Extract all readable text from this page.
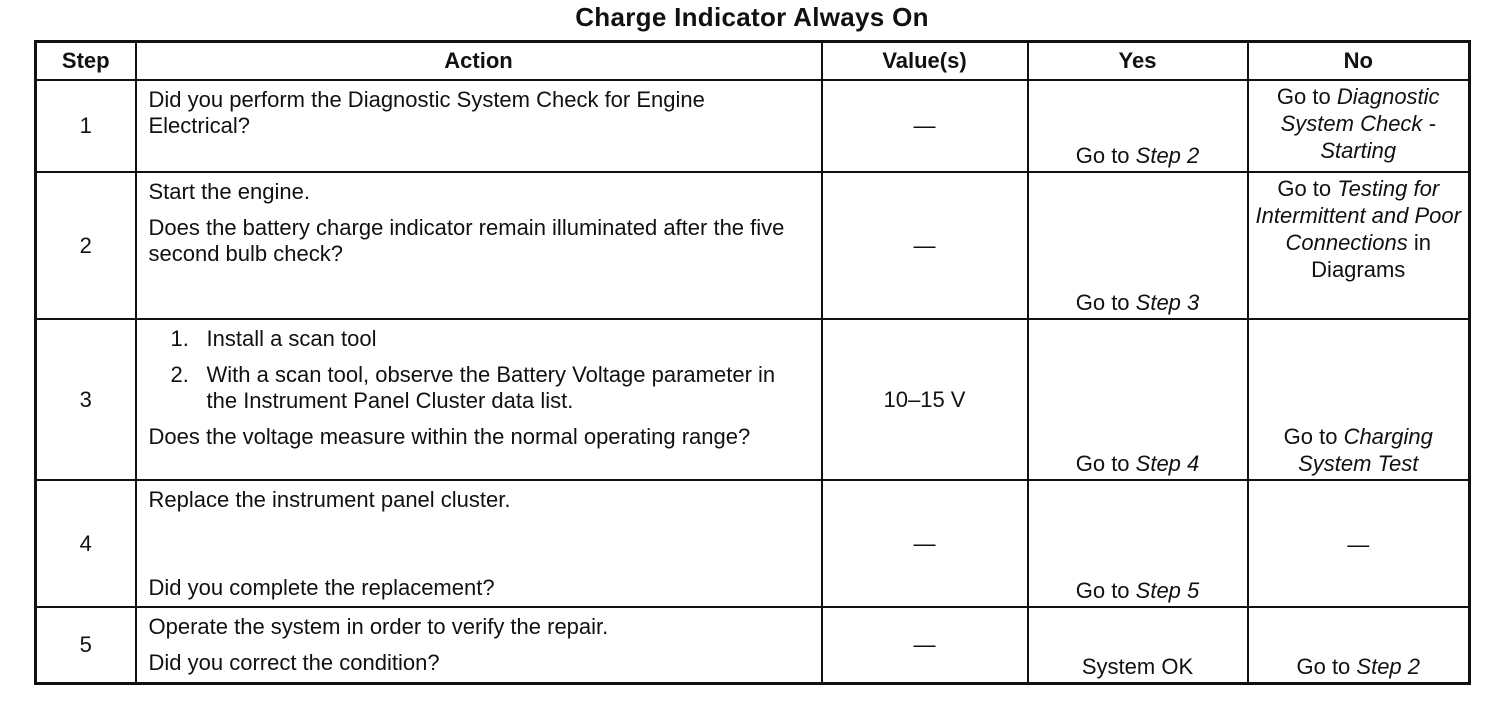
Charge Indicator Always On
Step	Action	Value(s)	Yes	No
1	Did you perform the Diagnostic System Check for Engine Electrical?	—	Go to Step 2	Go to Diagnostic System Check - Starting
2	Start the engine.

Does the battery charge indicator remain illuminated after the five second bulb check?	—	Go to Step 3	Go to Testing for Intermittent and Poor Connections in Diagrams
3	1. Install a scan tool
2. With a scan tool, observe the Battery Voltage parameter in the Instrument Panel Cluster data list.

Does the voltage measure within the normal operating range?	10–15 V	Go to Step 4	Go to Charging System Test
4	Replace the instrument panel cluster.

Did you complete the replacement?	—	Go to Step 5	—
5	Operate the system in order to verify the repair.

Did you correct the condition?	—	System OK	Go to Step 2
